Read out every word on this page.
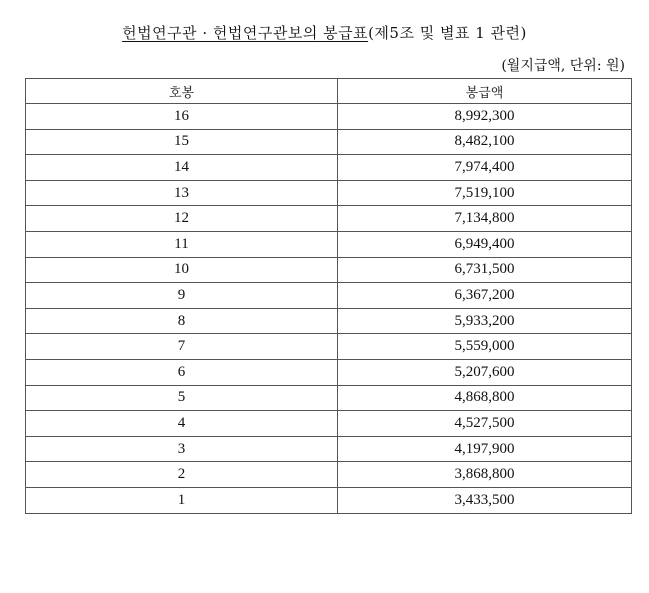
헌법연구관 · 헌법연구관보의 봉급표(제5조 및 별표 1 관련)
(월지급액, 단위: 원)
호봉	봉급액
16	8,992,300
15	8,482,100
14	7,974,400
13	7,519,100
12	7,134,800
11	6,949,400
10	6,731,500
9	6,367,200
8	5,933,200
7	5,559,000
6	5,207,600
5	4,868,800
4	4,527,500
3	4,197,900
2	3,868,800
1	3,433,500
